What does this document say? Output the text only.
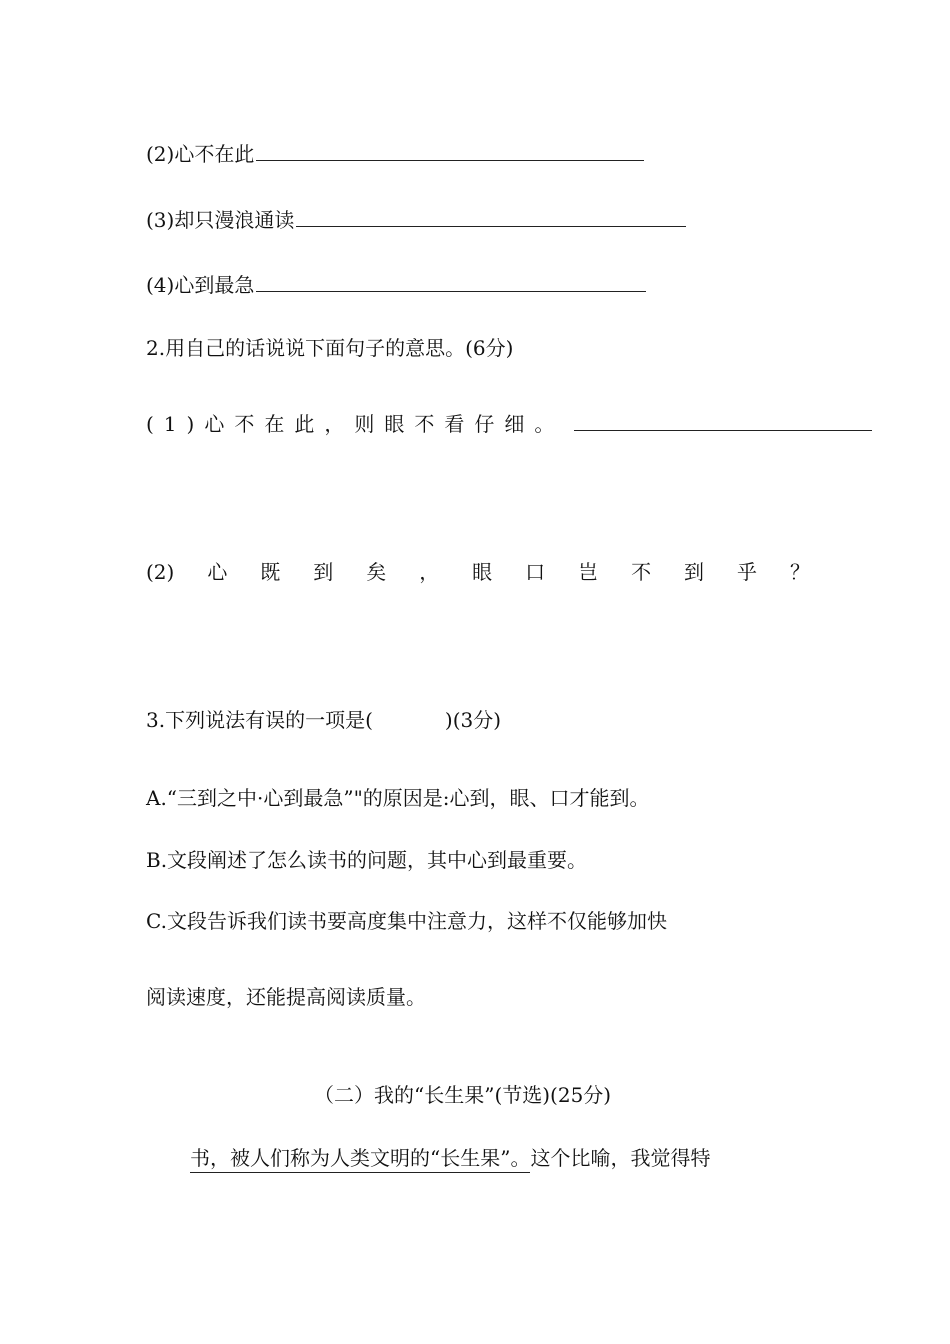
(2)心不在此
(3)却只漫浪通读
(4)心到最急
2.用自己的话说说下面句子的意思。(6分)
(1)心不在此，则眼不看仔细。
(2) 心 既 到 矣 ， 眼 口 岂 不 到 乎 ？
3.下列说法有误的一项是(	)(3分)
A.“三到之中·心到最急”"的原因是:心到，眼、口才能到。
B.文段阐述了怎么读书的问题，其中心到最重要。
C.文段告诉我们读书要高度集中注意力，这样不仅能够加快
阅读速度，还能提高阅读质量。
（二）我的“长生果”(节选)(25分)
书，被人们称为人类文明的“长生果”。这个比喻，我觉得特
